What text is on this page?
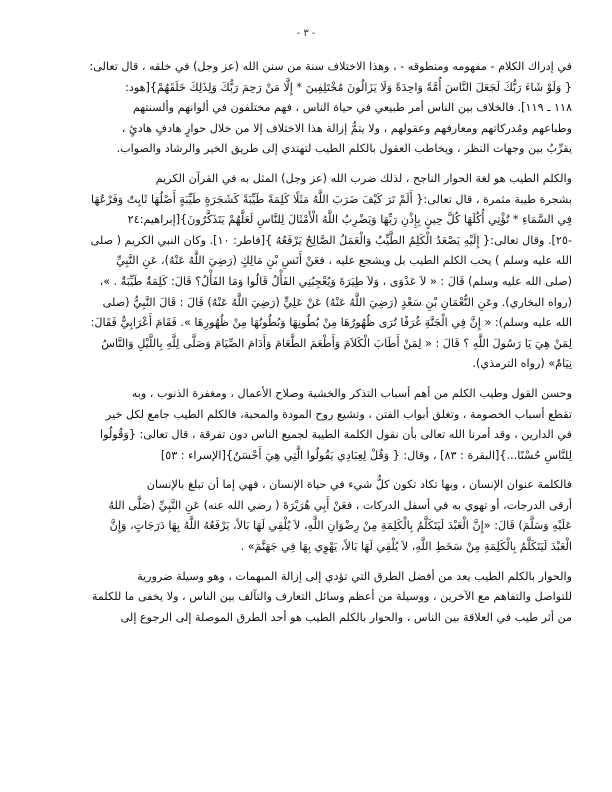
- ٣ -

في إدراك الكلام - مفهومه ومنطوقه - ، وهذا الاختلاف سنة من سنن الله (عز وجل) في خلقه ، قال تعالى:
{ وَلَوْ شَاءَ رَبُّكَ لَجَعَلَ النَّاسَ أُمَّةً وَاحِدَةً وَلَا يَزَالُونَ مُخْتَلِفِينَ * إِلَّا مَنْ رَحِمَ رَبُّكَ وَلِذَلِكَ خَلَقَهُمْ}[هود:
١١٨ ـ ١١٩]. فالخلاف بين الناس أمر طبيعي في حياة الناس ، فهم مختلفون في ألوانهم وألسنتهم
وطباعهم ومُدركاتهم ومعارفهم وعقولهم ، ولا يتمُّ إزالة هذا الاختلاف إلا من خلال حوارٍ هادفٍ هادئٍ ،
يقرِّبُ بين وجهات النظر ، ويخاطب العقول بالكلم الطيب لتهتدي إلى طريق الخير والرشاد والصواب.

والكلم الطيب هو لغة الحوار الناجح ، لذلك ضرب الله (عز وجل) المثل به في القرآن الكريم
بشجرة طيبة مثمرة ، قال تعالى:{ أَلَمْ تَرَ كَيْفَ ضَرَبَ اللَّهُ مَثَلًا كَلِمَةً طَيِّبَةً كَشَجَرَةٍ طَيِّبَةٍ أَصْلُهَا ثَابِتٌ وَفَرْعُهَا
فِي السَّمَاءِ * تُؤْتِي أُكُلَهَا كُلَّ حِينٍ بِإِذْنِ رَبِّهَا وَيَضْرِبُ اللَّهُ الْأَمْثَالَ لِلنَّاسِ لَعَلَّهُمْ يَتَذَكَّرُونَ}[إبراهيم:٢٤
-٢٥]. وقال تعالى:{ إِلَيْهِ يَصْعَدُ الْكَلِمُ الطَّيِّبُ وَالْعَمَلُ الصَّالِحُ يَرْفَعُهُ }[فاطر: ١٠]. وكان النبي الكريم ( صلى
الله عليه وسلم ) يحب الكلم الطيب بل ويشجع عليه ، فعَنْ أَنَسِ بْنِ مَالِكٍ (رَضِيَ اللَّهُ عَنْهُ)، عَنِ النَّبِيِّ
(صلى الله عليه وسلم) قَالَ : « لاَ عَدْوَى ، وَلاَ طِيَرَةَ وَيُعْجِبُنِي الفَأْلُ قَالُوا وَمَا الفَأْلُ؟ قَالَ: كَلِمَةٌ طَيِّبَةٌ . »،
(رواه البخاري). وعَنِ النُّعْمَانِ بْنِ سَعْدٍ (رَضِيَ اللَّهُ عَنْهُ) عَنْ عَلِيٍّ (رَضِيَ اللَّهُ عَنْهُ) قَالَ : قَالَ النَّبِيُّ (صلى
الله عليه وسلم): « إِنَّ فِي الْجَنَّةِ غُرَفًا تُرَى ظُهُورُهَا مِنْ بُطُونِهَا وَبُطُونُهَا مِنْ ظُهُورِهَا ». فَقَامَ أَعْرَابِيٌّ فَقَالَ:
لِمَنْ هِيَ يَا رَسُولَ اللَّهِ ؟ قَالَ : « لِمَنْ أَطَابَ الْكَلاَمَ وَأَطْعَمَ الطَّعَامَ وَأَدَامَ الصِّيَامَ وَصَلَّى لِلَّهِ بِاللَّيْلِ وَالنَّاسُ
نِيَامٌ» (رواه الترمذي).

وحسن القول وطيب الكلم من أهم أسباب التذكر والخشية وصلاح الأعمال ، ومغفرة الذنوب ، وبه
تقطع أسباب الخصومة ، وتغلق أبواب الفتن ، وتشيع روح المودة والمحبة، فالكلم الطيب جامع لكل خير
في الدارين ، وقد أمرنا الله تعالى بأن نقول الكلمة الطيبة لجميع الناس دون تفرقة ، قال تعالى: {وَقُولُوا
لِلنَّاسِ حُسْنًا...}[البقرة : ٨٣] ، وقال: { وَقُلْ لِعِبَادِي يَقُولُوا الَّتِي هِيَ أَحْسَنُ}[الإسراء : ٥٣]

فالكلمة عنوان الإنسان ، وبها تكاد تكون كلُّ شيء في حياة الإنسان ، فهي إما أن تبلغ بالإنسان
أرقى الدرجات، أو تهوي به في أسفل الدركات ، فعَنْ أَبِي هُرَيْرَةَ ( رضي الله عنه) عَنِ النَّبِيِّ (صَلَّى اللهُ
عَلَيْهِ وَسَلَّمَ) قَالَ: «إِنَّ الْعَبْدَ لَيَتَكَلَّمُ بِالْكَلِمَةِ مِنْ رِضْوَانِ اللَّهِ، لاَ يُلْقِي لَهَا بَالاً، يَرْفَعُهُ اللَّهُ بِهَا دَرَجَاتٍ، وَإِنَّ
الْعَبْدَ لَيَتَكَلَّمُ بِالْكَلِمَةِ مِنْ سَخَطِ اللَّهِ، لاَ يُلْقِي لَهَا بَالاً، يَهْوِي بِهَا فِي جَهَنَّمَ» .

والحوار بالكلم الطيب يعد من أفضل الطرق التي تؤدي إلى إزالة المبهمات ، وهو وسيلة ضرورية
للتواصل والتفاهم مع الآخرين ، ووسيلة من أعظم وسائل التعارف والتآلف بين الناس ، ولا يخفى ما للكلمة
من أثر طيب في العلاقة بين الناس ، والحوار بالكلم الطيب هو أحد الطرق الموصلة إلى الرجوع إلى
